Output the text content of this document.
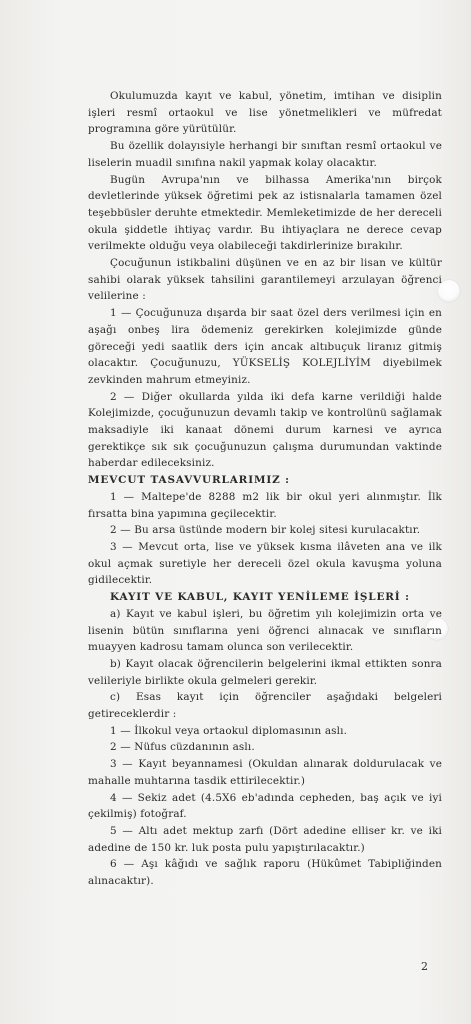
Okulumuzda kayıt ve kabul, yönetim, imtihan ve disiplin işleri resmî ortaokul ve lise yönetmelikleri ve müfredat programına göre yürütülür.

Bu özellik dolayısiyle herhangi bir sınıftan resmî ortaokul ve liselerin muadil sınıfına nakil yapmak kolay olacaktır.

Bugün Avrupa'nın ve bilhassa Amerika'nın birçok devletlerinde yüksek öğretimi pek az istisnalarla tamamen özel teşebbüsler deruhte etmektedir. Memleketimizde de her dereceli okula şiddetle ihtiyaç vardır. Bu ihtiyaçlara ne derece cevap verilmekte olduğu veya olabileceği takdirlerinize bırakılır.

Çocuğunun istikbalini düşünen ve en az bir lisan ve kültür sahibi olarak yüksek tahsilini garantilemeyi arzulayan öğrenci velilerine :

1 — Çocuğunuza dışarda bir saat özel ders verilmesi için en aşağı onbeş lira ödemeniz gerekirken kolejimizde günde göreceği yedi saatlik ders için ancak altıbuçuk liranız gitmiş olacaktır. Çocuğunuzu, YÜKSELİŞ KOLEJLİYİM diyebilmek zevkinden mahrum etmeyiniz.

2 — Diğer okullarda yılda iki defa karne verildiği halde Kolejimizde, çocuğunuzun devamlı takip ve kontrolünü sağlamak maksadiyle iki kanaat dönemi durum karnesi ve ayrıca gerektikçe sık sık çocuğunuzun çalışma durumundan vaktinde haberdar edileceksiniz.

MEVCUT TASAVVURLARIMIZ :

1 — Maltepe'de 8288 m2 lik bir okul yeri alınmıştır. İlk fırsatta bina yapımına geçilecektir.

2 — Bu arsa üstünde modern bir kolej sitesi kurulacaktır.

3 — Mevcut orta, lise ve yüksek kısma ilâveten ana ve ilk okul açmak suretiyle her dereceli özel okula kavuşma yoluna gidilecektir.

KAYIT VE KABUL, KAYIT YENİLEME İŞLERİ :

a) Kayıt ve kabul işleri, bu öğretim yılı kolejimizin orta ve lisenin bütün sınıflarına yeni öğrenci alınacak ve sınıfların muayyen kadrosu tamam olunca son verilecektir.

b) Kayıt olacak öğrencilerin belgelerini ikmal ettikten sonra velileriyle birlikte okula gelmeleri gerekir.

c) Esas kayıt için öğrenciler aşağıdaki belgeleri getireceklerdir :

1 — İlkokul veya ortaokul diplomasının aslı.

2 — Nüfus cüzdanının aslı.

3 — Kayıt beyannamesi (Okuldan alınarak doldurulacak ve mahalle muhtarına tasdik ettirilecektir.)

4 — Sekiz adet (4.5X6 eb'adında cepheden, baş açık ve iyi çekilmiş) fotoğraf.

5 — Altı adet mektup zarfı (Dört adedine elliser kr. ve iki adedine de 150 kr. luk posta pulu yapıştırılacaktır.)

6 — Aşı kâğıdı ve sağlık raporu (Hükûmet Tabipliğinden alınacaktır).

2
